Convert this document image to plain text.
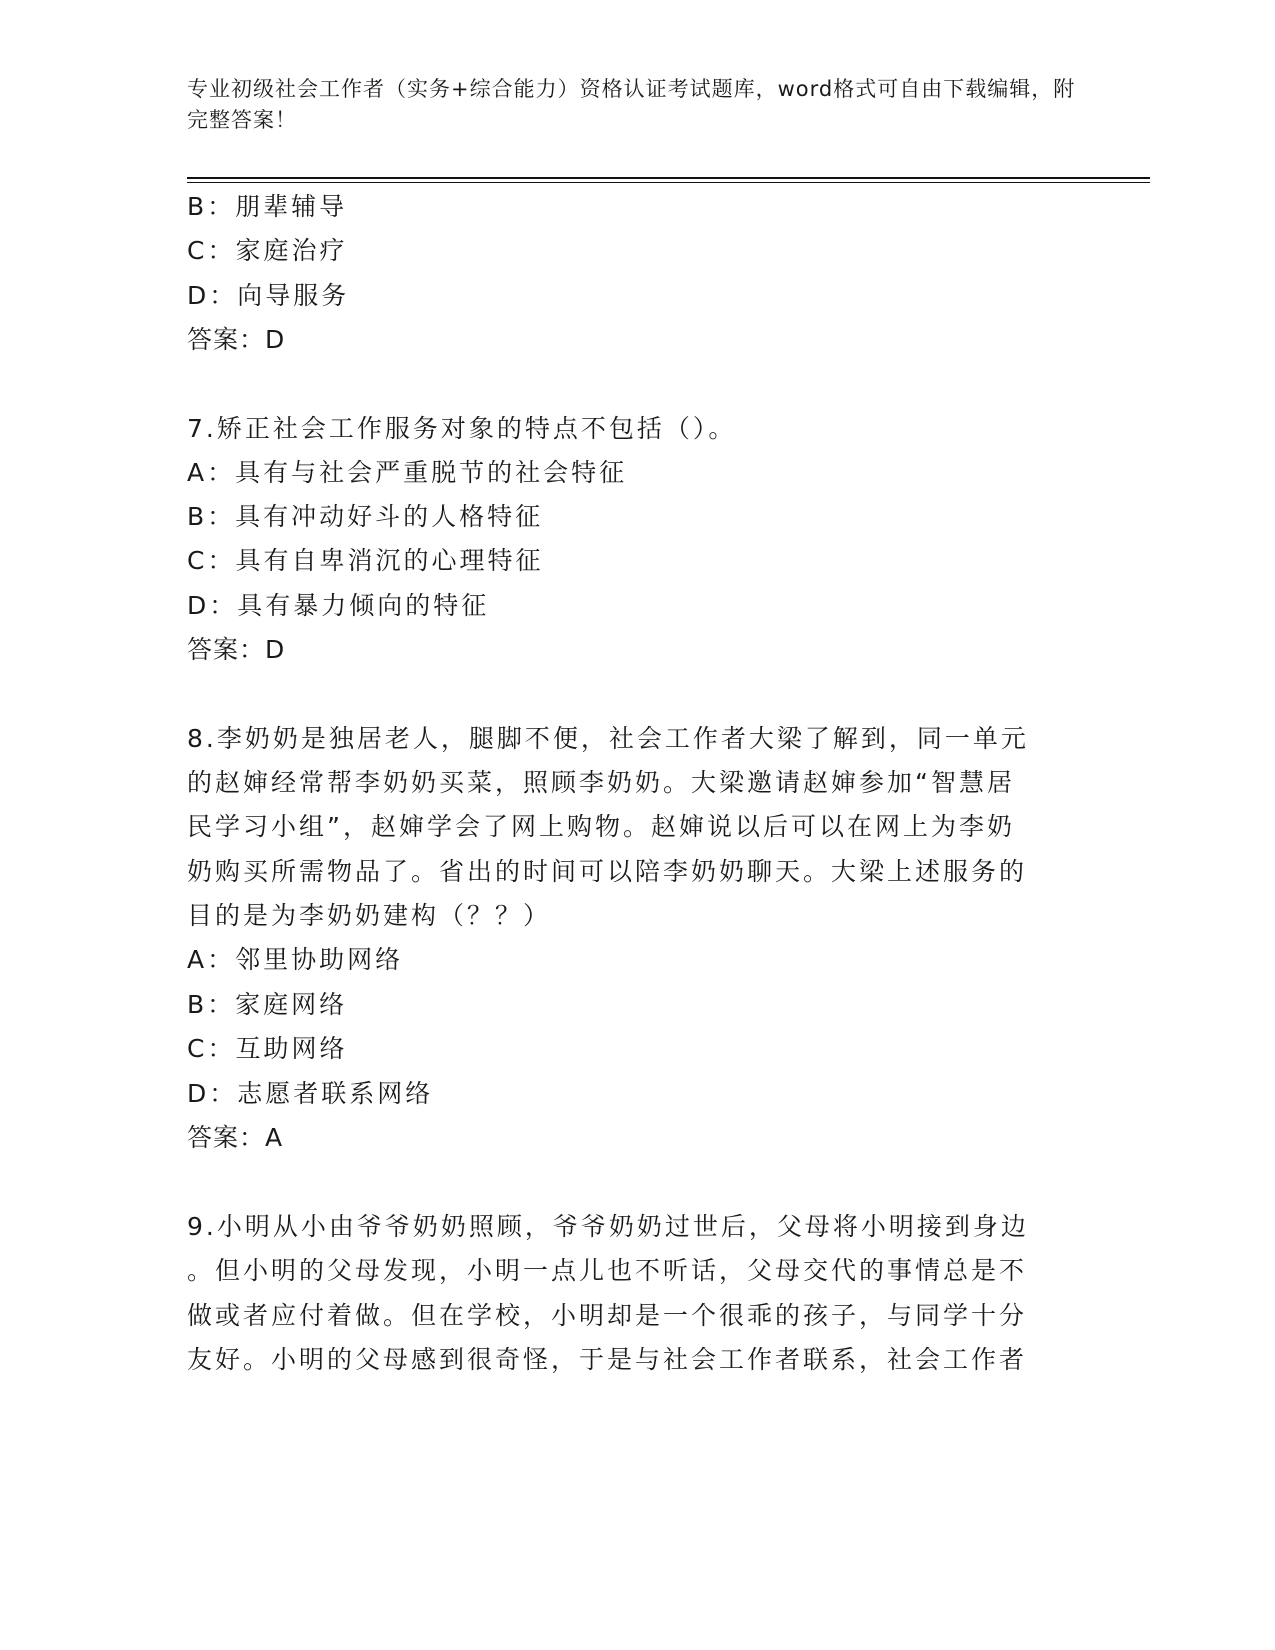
专业初级社会工作者（实务+综合能力）资格认证考试题库，word格式可自由下载编辑，附完整答案！
B：朋辈辅导
C：家庭治疗
D：向导服务
答案：D
7.矫正社会工作服务对象的特点不包括（）。
A：具有与社会严重脱节的社会特征
B：具有冲动好斗的人格特征
C：具有自卑消沉的心理特征
D：具有暴力倾向的特征
答案：D
8.李奶奶是独居老人，腿脚不便，社会工作者大梁了解到，同一单元
的赵婶经常帮李奶奶买菜，照顾李奶奶。大梁邀请赵婶参加“智慧居
民学习小组”，赵婶学会了网上购物。赵婶说以后可以在网上为李奶
奶购买所需物品了。省出的时间可以陪李奶奶聊天。大梁上述服务的
目的是为李奶奶建构（？？）
A：邻里协助网络
B：家庭网络
C：互助网络
D：志愿者联系网络
答案：A
9.小明从小由爷爷奶奶照顾，爷爷奶奶过世后，父母将小明接到身边
。但小明的父母发现，小明一点儿也不听话，父母交代的事情总是不
做或者应付着做。但在学校，小明却是一个很乖的孩子，与同学十分
友好。小明的父母感到很奇怪，于是与社会工作者联系，社会工作者
